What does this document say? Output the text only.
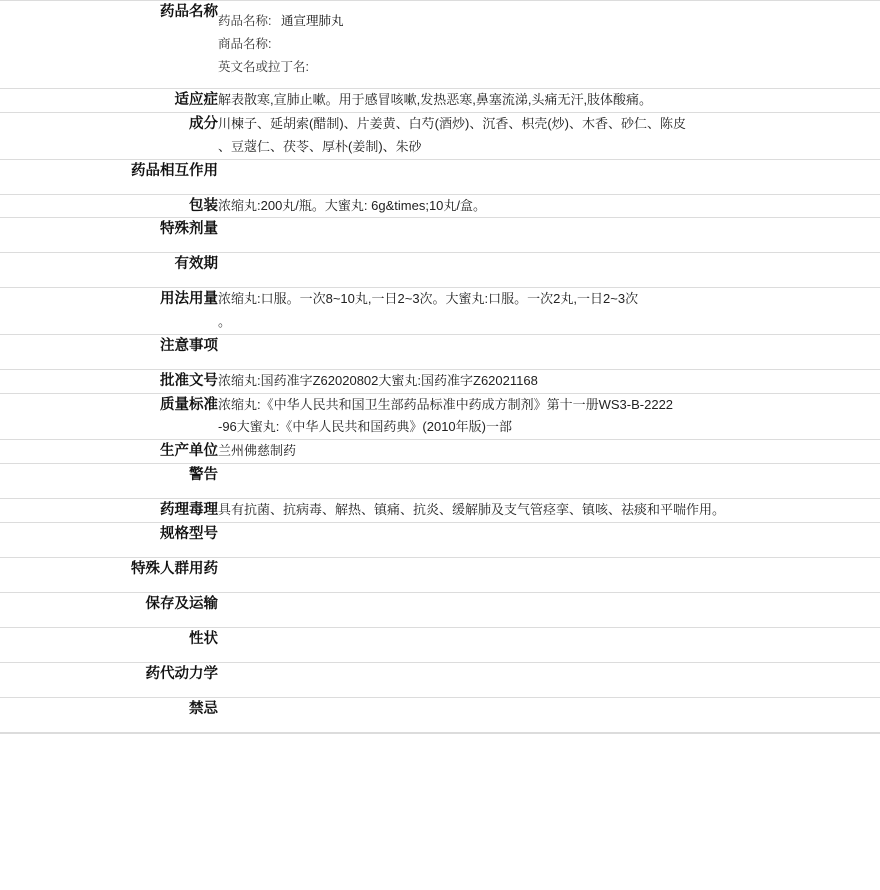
药品名称	药品名称: 通宣理肺丸
商品名称:
英文名或拉丁名:

适应症	解表散寒,宣肺止嗽。用于感冒咳嗽,发热恶寒,鼻塞流涕,头痛无汗,肢体酸痛。
成分	川楝子、延胡索(醋制)、片姜黄、白芍(酒炒)、沉香、枳壳(炒)、木香、砂仁、陈皮
、豆蔻仁、茯苓、厚朴(姜制)、朱砂

药品相互作用	
包装	浓缩丸:200丸/瓶。大蜜丸: 6g&times;10丸/盒。
特殊剂量	
有效期	
用法用量	浓缩丸:口服。一次8~10丸,一日2~3次。大蜜丸:口服。一次2丸,一日2~3次
。

注意事项	
批准文号	浓缩丸:国药准字Z62020802大蜜丸:国药准字Z62021168
质量标准	浓缩丸:《中华人民共和国卫生部药品标准中药成方制剂》第十一册WS3-B-2222
-96大蜜丸:《中华人民共和国药典》(2010年版)一部

生产单位	兰州佛慈制药
警告	
药理毒理	具有抗菌、抗病毒、解热、镇痛、抗炎、缓解肺及支气管痉挛、镇咳、祛痰和平喘作用。
规格型号	
特殊人群用药	
保存及运输	
性状	
药代动力学	
禁忌	
